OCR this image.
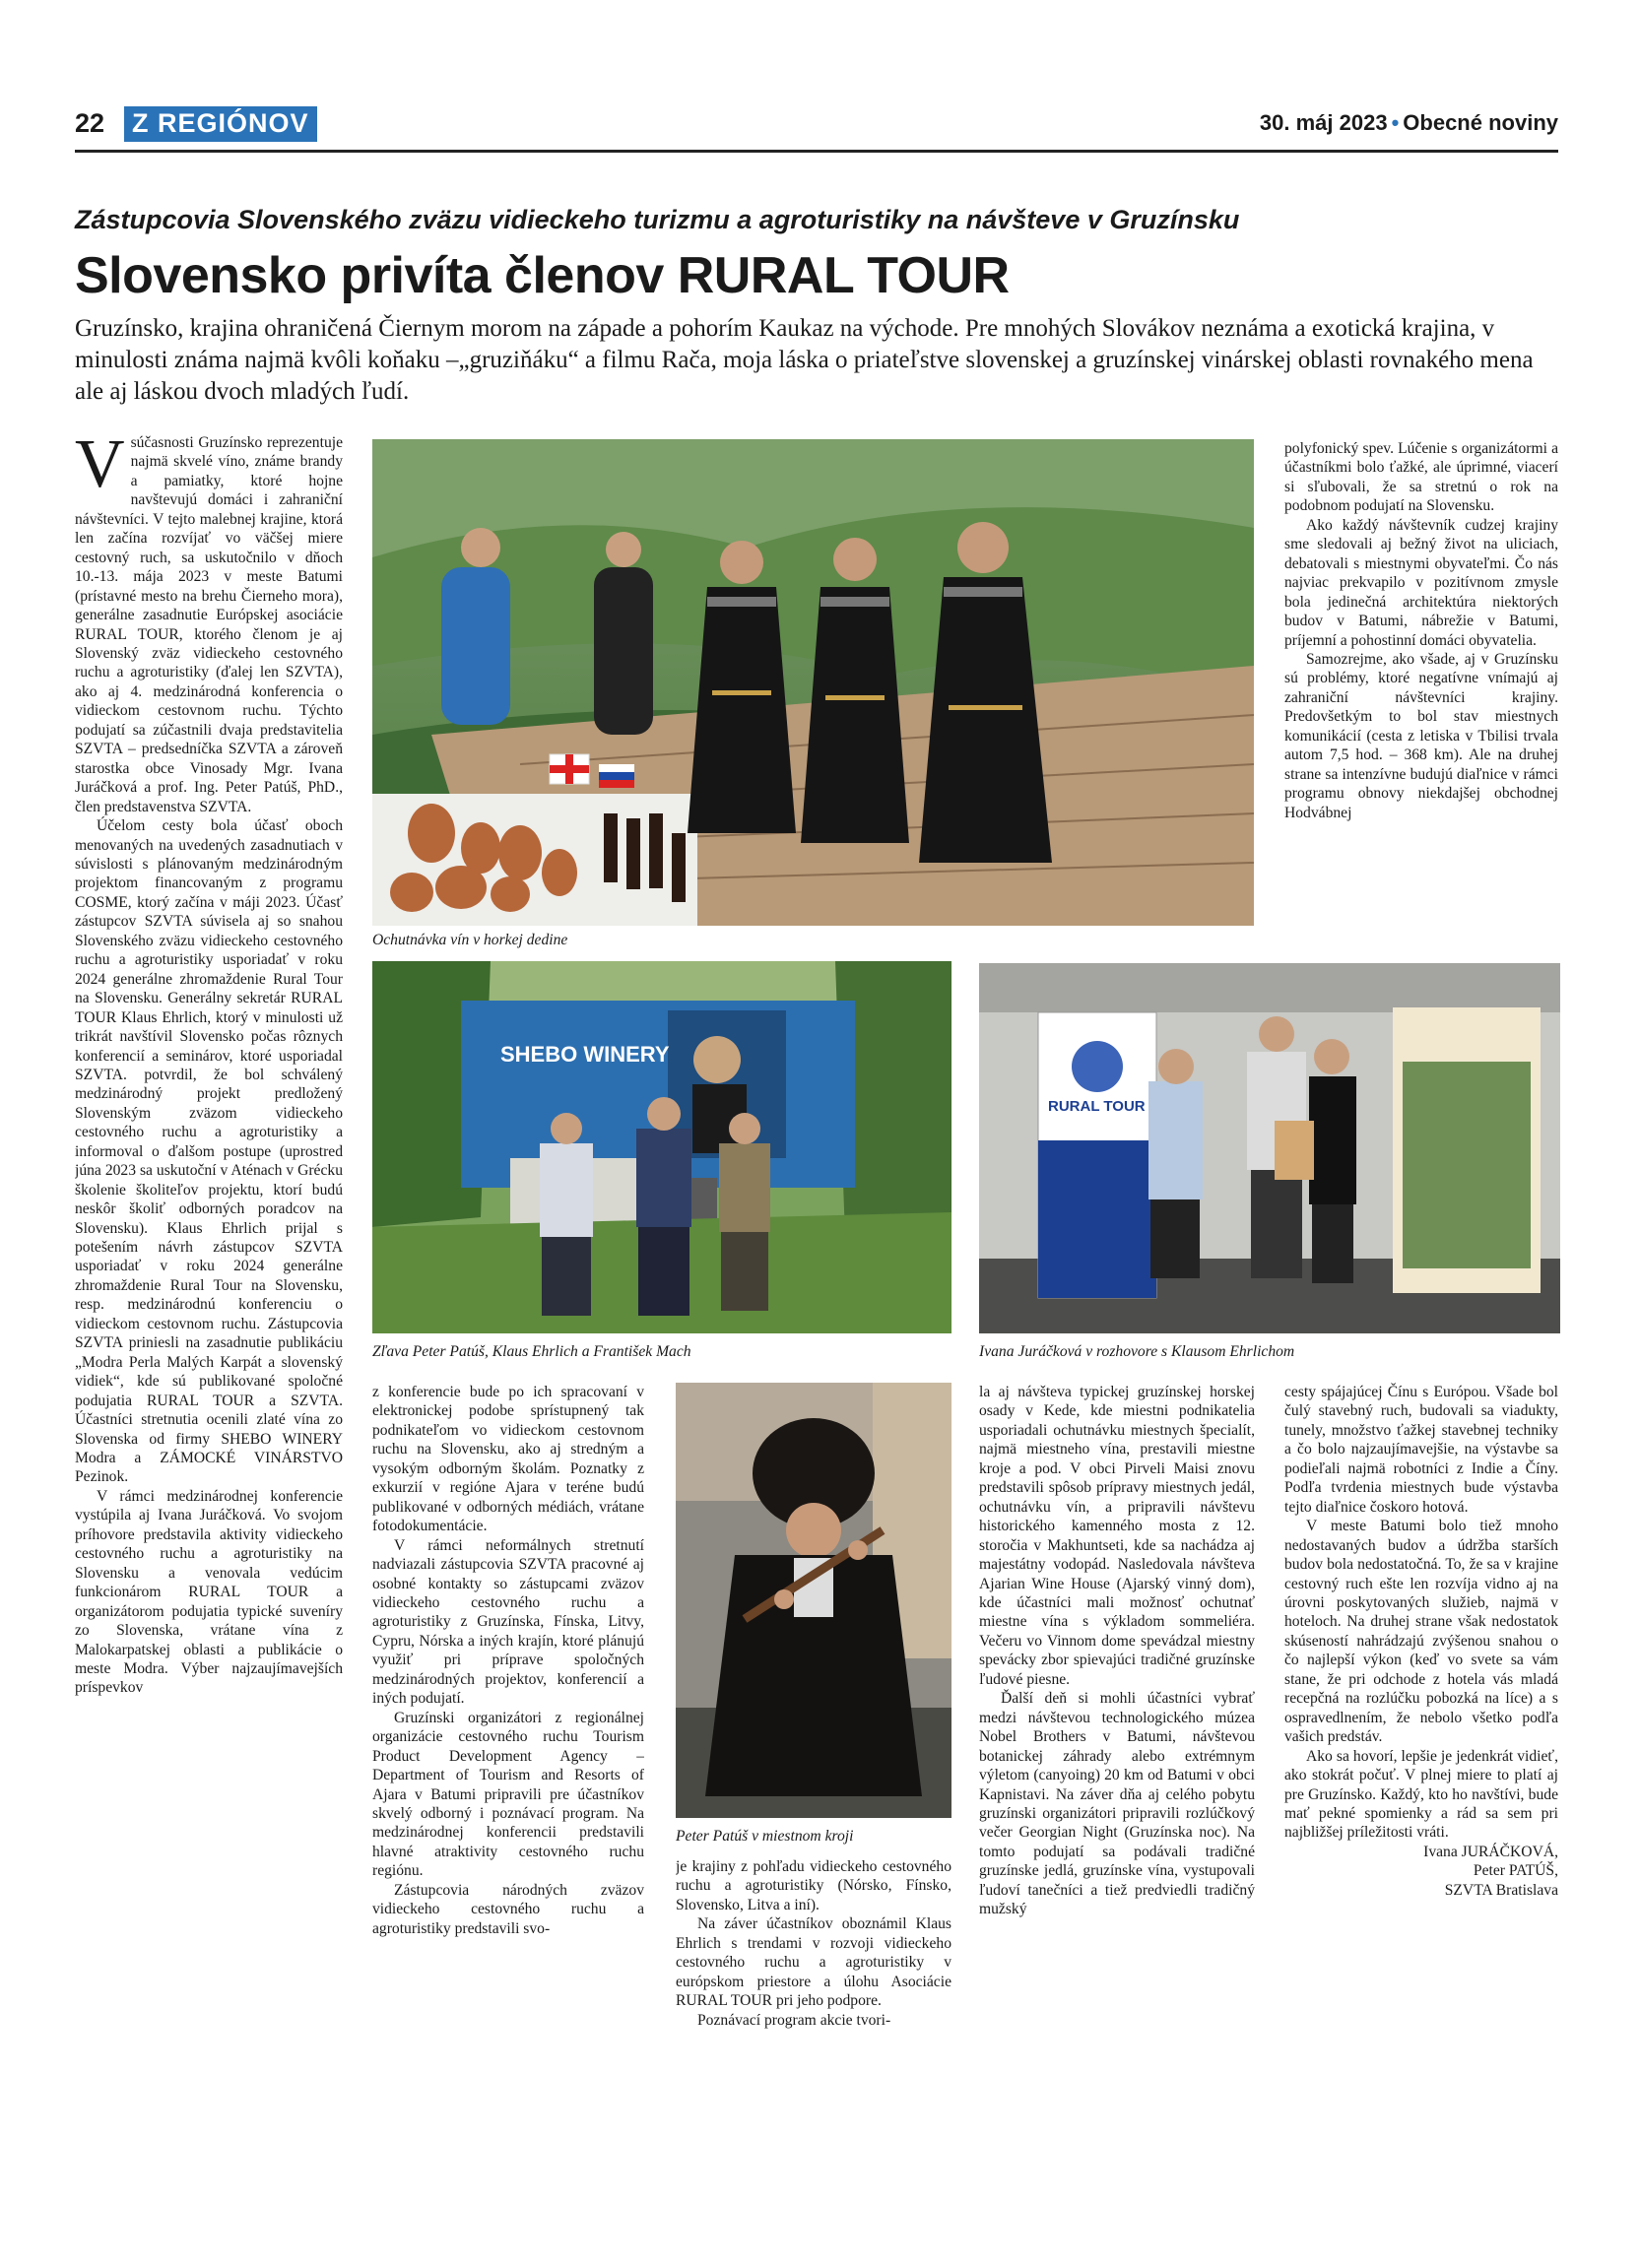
22 Z REGIÓNOV	30. máj 2023 • Obecné noviny
Zástupcovia Slovenského zväzu vidieckeho turizmu a agroturistiky na návšteve v Gruzínsku
Slovensko privíta členov RURAL TOUR
Gruzínsko, krajina ohraničená Čiernym morom na západe a pohorím Kaukaz na východe. Pre mnohých Slovákov neznáma a exotická krajina, v minulosti známa najmä kvôli koňaku –„gruziňáku“ a filmu Rača, moja láska o priateľstve slovenskej a gruzínskej vinárskej oblasti rovnakého mena ale aj láskou dvoch mladých ľudí.

Vsúčasnosti Gruzínsko reprezentuje najmä skvelé víno, známe brandy a pamiatky, ktoré hojne navštevujú domáci i zahraniční návštevníci. V tejto malebnej krajine, ktorá len začína rozvíjať vo väčšej miere cestovný ruch, sa uskutočnilo v dňoch 10.-13. mája 2023 v meste Batumi (prístavné mesto na brehu Čierneho mora), generálne zasadnutie Európskej asociácie RURAL TOUR, ktorého členom je aj Slovenský zväz vidieckeho cestovného ruchu a agroturistiky (ďalej len SZVTA), ako aj 4. medzinárodná konferencia o vidieckom cestovnom ruchu. Týchto podujatí sa zúčastnili dvaja predstavitelia SZVTA – predsedníčka SZVTA a zároveň starostka obce Vinosady Mgr. Ivana Juráčková a prof. Ing. Peter Patúš, PhD., člen predstavenstva SZVTA.

Účelom cesty bola účasť oboch menovaných na uvedených zasadnutiach v súvislosti s plánovaným medzinárodným projektom financovaným z programu COSME, ktorý začína v máji 2023. Účasť zástupcov SZVTA súvisela aj so snahou Slovenského zväzu vidieckeho cestovného ruchu a agroturistiky usporiadať v roku 2024 generálne zhromaždenie Rural Tour na Slovensku. Generálny sekretár RURAL TOUR Klaus Ehrlich, ktorý v minulosti už trikrát navštívil Slovensko počas rôznych konferencií a seminárov, ktoré usporiadal SZVTA. potvrdil, že bol schválený medzinárodný projekt predložený Slovenským zväzom vidieckeho cestovného ruchu a agroturistiky a informoval o ďalšom postupe (uprostred júna 2023 sa uskutoční v Aténach v Grécku školenie školiteľov projektu, ktorí budú neskôr školiť odborných poradcov na Slovensku). Klaus Ehrlich prijal s potešením návrh zástupcov SZVTA usporiadať v roku 2024 generálne zhromaždenie Rural Tour na Slovensku, resp. medzinárodnú konferenciu o vidieckom cestovnom ruchu. Zástupcovia SZVTA priniesli na zasadnutie publikáciu „Modra Perla Malých Karpát a slovenský vidiek“, kde sú publikované spoločné podujatia RURAL TOUR a SZVTA. Účastníci stretnutia ocenili zlaté vína zo Slovenska od firmy SHEBO WINERY Modra a ZÁMOCKÉ VINÁRSTVO Pezinok.

V rámci medzinárodnej konferencie vystúpila aj Ivana Juráčková. Vo svojom príhovore predstavila aktivity vidieckeho cestovného ruchu a agroturistiky na Slovensku a venovala vedúcim funkcionárom RURAL TOUR a organizátorom podujatia typické suveníry zo Slovenska, vrátane vína z Malokarpatskej oblasti a publikácie o meste Modra. Výber najzaujímavejších príspevkov

Ochutnávka vín v horkej dedine

polyfonický spev. Lúčenie s organizátormi a účastníkmi bolo ťažké, ale úprimné, viacerí si sľubovali, že sa stretnú o rok na podobnom podujatí na Slovensku.

Ako každý návštevník cudzej krajiny sme sledovali aj bežný život na uliciach, debatovali s miestnymi obyvateľmi. Čo nás najviac prekvapilo v pozitívnom zmysle bola jedinečná architektúra niektorých budov v Batumi, nábrežie v Batumi, príjemní a pohostinní domáci obyvatelia.

Samozrejme, ako všade, aj v Gruzínsku sú problémy, ktoré negatívne vnímajú aj zahraniční návštevníci krajiny. Predovšetkým to bol stav miestnych komunikácií (cesta z letiska v Tbilisi trvala autom 7,5 hod. – 368 km). Ale na druhej strane sa intenzívne budujú diaľnice v rámci programu obnovy niekdajšej obchodnej Hodvábnej

SHEBO WINERY
Zľava Peter Patúš, Klaus Ehrlich a František Mach
RURAL TOUR
Ivana Juráčková v rozhovore s Klausom Ehrlichom

z konferencie bude po ich spracovaní v elektronickej podobe sprístupnený tak podnikateľom vo vidieckom cestovnom ruchu na Slovensku, ako aj stredným a vysokým odborným školám. Poznatky z exkurzií v regióne Ajara v teréne budú publikované v odborných médiách, vrátane fotodokumentácie.

V rámci neformálnych stretnutí nadviazali zástupcovia SZVTA pracovné aj osobné kontakty so zástupcami zväzov vidieckeho cestovného ruchu a agroturistiky z Gruzínska, Fínska, Litvy, Cypru, Nórska a iných krajín, ktoré plánujú využiť pri príprave spoločných medzinárodných projektov, konferencií a iných podujatí.

Gruzínski organizátori z regionálnej organizácie cestovného ruchu Tourism Product Development Agency – Department of Tourism and Resorts of Ajara v Batumi pripravili pre účastníkov skvelý odborný i poznávací program. Na medzinárodnej konferencii predstavili hlavné atraktivity cestovného ruchu regiónu.

Zástupcovia národných zväzov vidieckeho cestovného ruchu a agroturistiky predstavili svo-

Peter Patúš v miestnom kroji

je krajiny z pohľadu vidieckeho cestovného ruchu a agroturistiky (Nórsko, Fínsko, Slovensko, Litva a iní).

Na záver účastníkov oboznámil Klaus Ehrlich s trendami v rozvoji vidieckeho cestovného ruchu a agroturistiky v európskom priestore a úlohu Asociácie RURAL TOUR pri jeho podpore.

Poznávací program akcie tvori-

la aj návšteva typickej gruzínskej horskej osady v Kede, kde miestni podnikatelia usporiadali ochutnávku miestnych špecialít, najmä miestneho vína, prestavili miestne kroje a pod. V obci Pirveli Maisi znovu predstavili spôsob prípravy miestnych jedál, ochutnávku vín, a pripravili návštevu historického kamenného mosta z 12. storočia v Makhuntseti, kde sa nachádza aj majestátny vodopád. Nasledovala návšteva Ajarian Wine House (Ajarský vinný dom), kde účastníci mali možnosť ochutnať miestne vína s výkladom sommeliéra. Večeru vo Vinnom dome spevádzal miestny spevácky zbor spievajúci tradičné gruzínske ľudové piesne.

Ďalší deň si mohli účastníci vybrať medzi návštevou technologického múzea Nobel Brothers v Batumi, návštevou botanickej záhrady alebo extrémnym výletom (canyoing) 20 km od Batumi v obci Kapnistavi. Na záver dňa aj celého pobytu gruzínski organizátori pripravili rozlúčkový večer Georgian Night (Gruzínska noc). Na tomto podujatí sa podávali tradičné gruzínske jedlá, gruzínske vína, vystupovali ľudoví tanečníci a tiež predviedli tradičný mužský

cesty spájajúcej Čínu s Európou. Všade bol čulý stavebný ruch, budovali sa viadukty, tunely, množstvo ťažkej stavebnej techniky a čo bolo najzaujímavejšie, na výstavbe sa podieľali najmä robotníci z Indie a Číny. Podľa tvrdenia miestnych bude výstavba tejto diaľnice čoskoro hotová.

V meste Batumi bolo tiež mnoho nedostavaných budov a údržba starších budov bola nedostatočná. To, že sa v krajine cestovný ruch ešte len rozvíja vidno aj na úrovni poskytovaných služieb, najmä v hoteloch. Na druhej strane však nedostatok skúseností nahrádzajú zvýšenou snahou o čo najlepší výkon (keď vo svete sa vám stane, že pri odchode z hotela vás mladá recepčná na rozlúčku pobozká na líce) a s ospravedlnením, že nebolo všetko podľa vašich predstáv.

Ako sa hovorí, lepšie je jedenkrát vidieť, ako stokrát počuť. V plnej miere to platí aj pre Gruzínsko. Každý, kto ho navštívi, bude mať pekné spomienky a rád sa sem pri najbližšej príležitosti vráti.

Ivana JURÁČKOVÁ,

Peter PATÚŠ,

SZVTA Bratislava
